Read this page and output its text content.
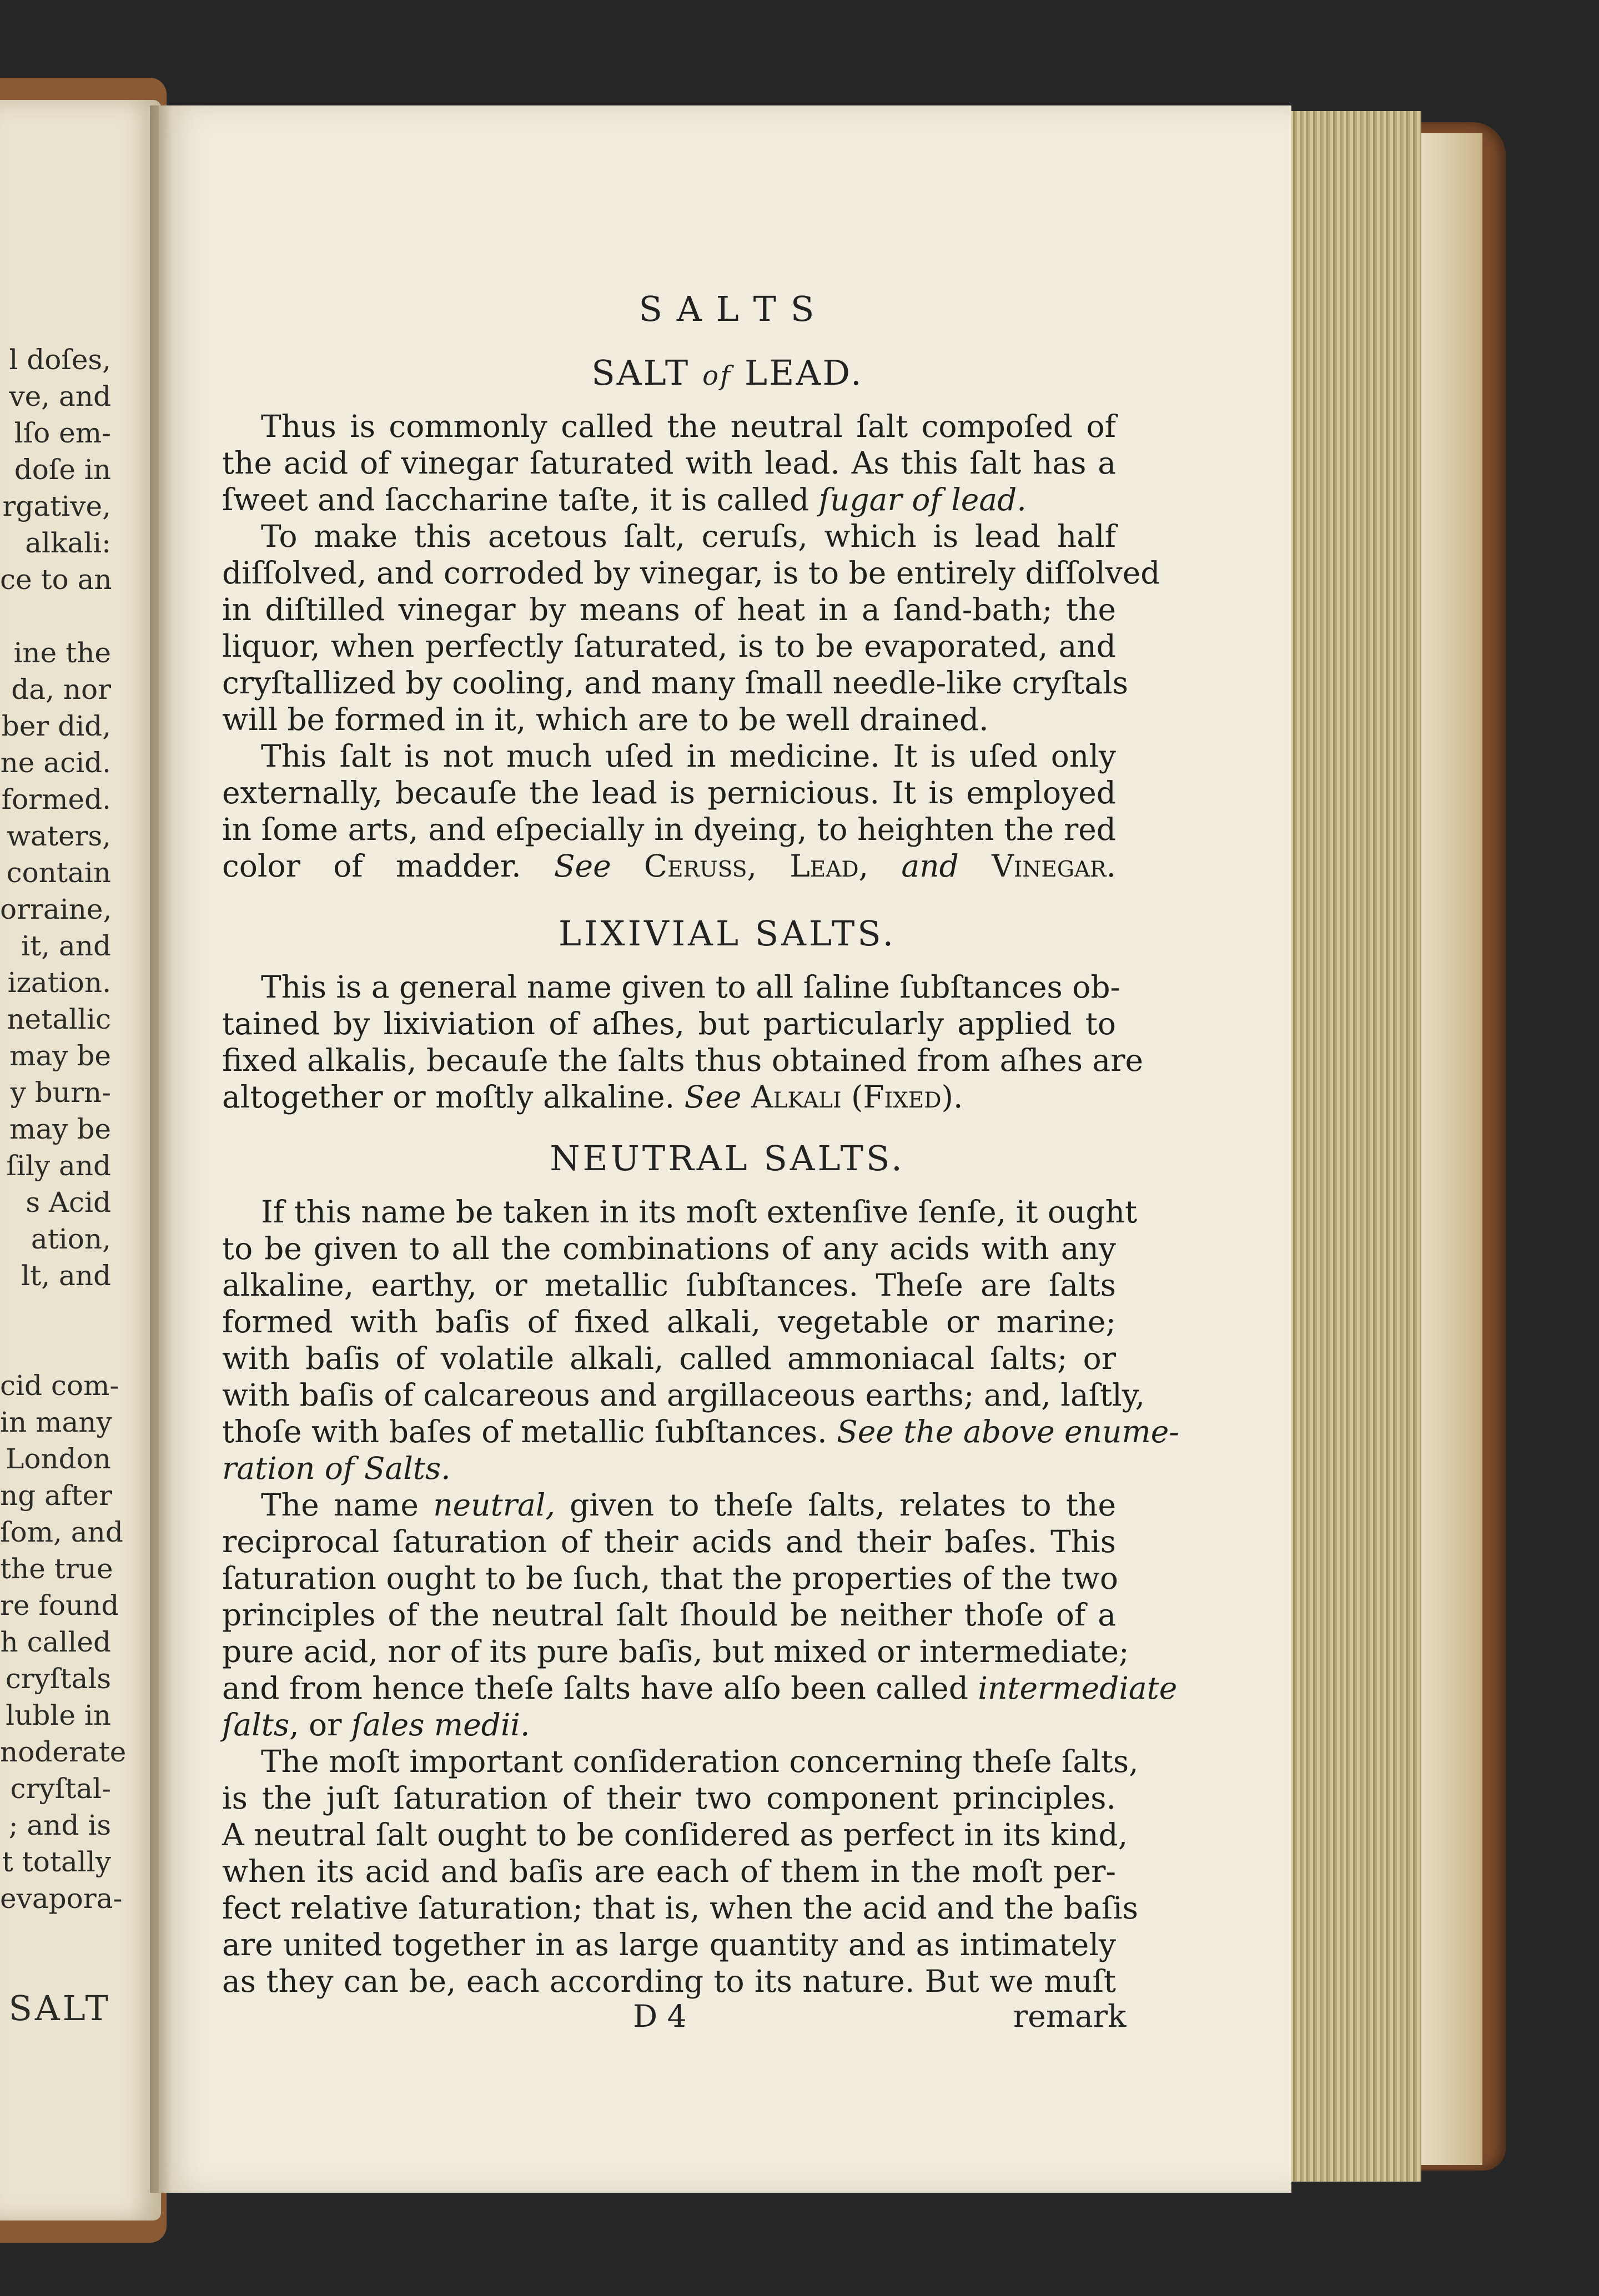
l doſes,
ve, and
lſo em-
doſe in
rgative,
alkali:
ce to an
ine the
da, nor
ber did,
ne acid.
formed.
waters,
contain
orraine,
it, and
ization.
netallic
may be
y burn-
may be
ſily and
s Acid
ation,
lt, and
cid com-
in many
London
ng after
ſom, and
the true
re found
h called
cryſtals
luble in
noderate
cryſtal-
; and is
t totally
evapora-
SALT
S A L T S
SALT of LEAD.
Thus is commonly called the neutral ſalt compoſed of
the acid of vinegar ſaturated with lead. As this ſalt has a
ſweet and ſaccharine taſte, it is called ſugar of lead.
To make this acetous ſalt, ceruſs, which is lead half
diſſolved, and corroded by vinegar, is to be entirely diſſolved
in diſtilled vinegar by means of heat in a ſand-bath; the
liquor, when perfectly ſaturated, is to be evaporated, and
cryſtallized by cooling, and many ſmall needle-like cryſtals
will be formed in it, which are to be well drained.
This ſalt is not much uſed in medicine. It is uſed only
externally, becauſe the lead is pernicious. It is employed
in ſome arts, and eſpecially in dyeing, to heighten the red
color of madder. See Ceruss, Lead, and Vinegar.
LIXIVIAL SALTS.
This is a general name given to all ſaline ſubſtances ob-
tained by lixiviation of aſhes, but particularly applied to
fixed alkalis, becauſe the ſalts thus obtained from aſhes are
altogether or moſtly alkaline. See Alkali (Fixed).
NEUTRAL SALTS.
If this name be taken in its moſt extenſive ſenſe, it ought
to be given to all the combinations of any acids with any
alkaline, earthy, or metallic ſubſtances. Theſe are ſalts
formed with baſis of fixed alkali, vegetable or marine;
with baſis of volatile alkali, called ammoniacal ſalts; or
with baſis of calcareous and argillaceous earths; and, laſtly,
thoſe with baſes of metallic ſubſtances. See the above enume-
ration of Salts.
The name neutral, given to theſe ſalts, relates to the
reciprocal ſaturation of their acids and their baſes. This
ſaturation ought to be ſuch, that the properties of the two
principles of the neutral ſalt ſhould be neither thoſe of a
pure acid, nor of its pure baſis, but mixed or intermediate;
and from hence theſe ſalts have alſo been called intermediate
ſalts, or ſales medii.
The moſt important conſideration concerning theſe ſalts,
is the juſt ſaturation of their two component principles.
A neutral ſalt ought to be conſidered as perfect in its kind,
when its acid and baſis are each of them in the moſt per-
fect relative ſaturation; that is, when the acid and the baſis
are united together in as large quantity and as intimately
as they can be, each according to its nature. But we muſt
D 4	remark
